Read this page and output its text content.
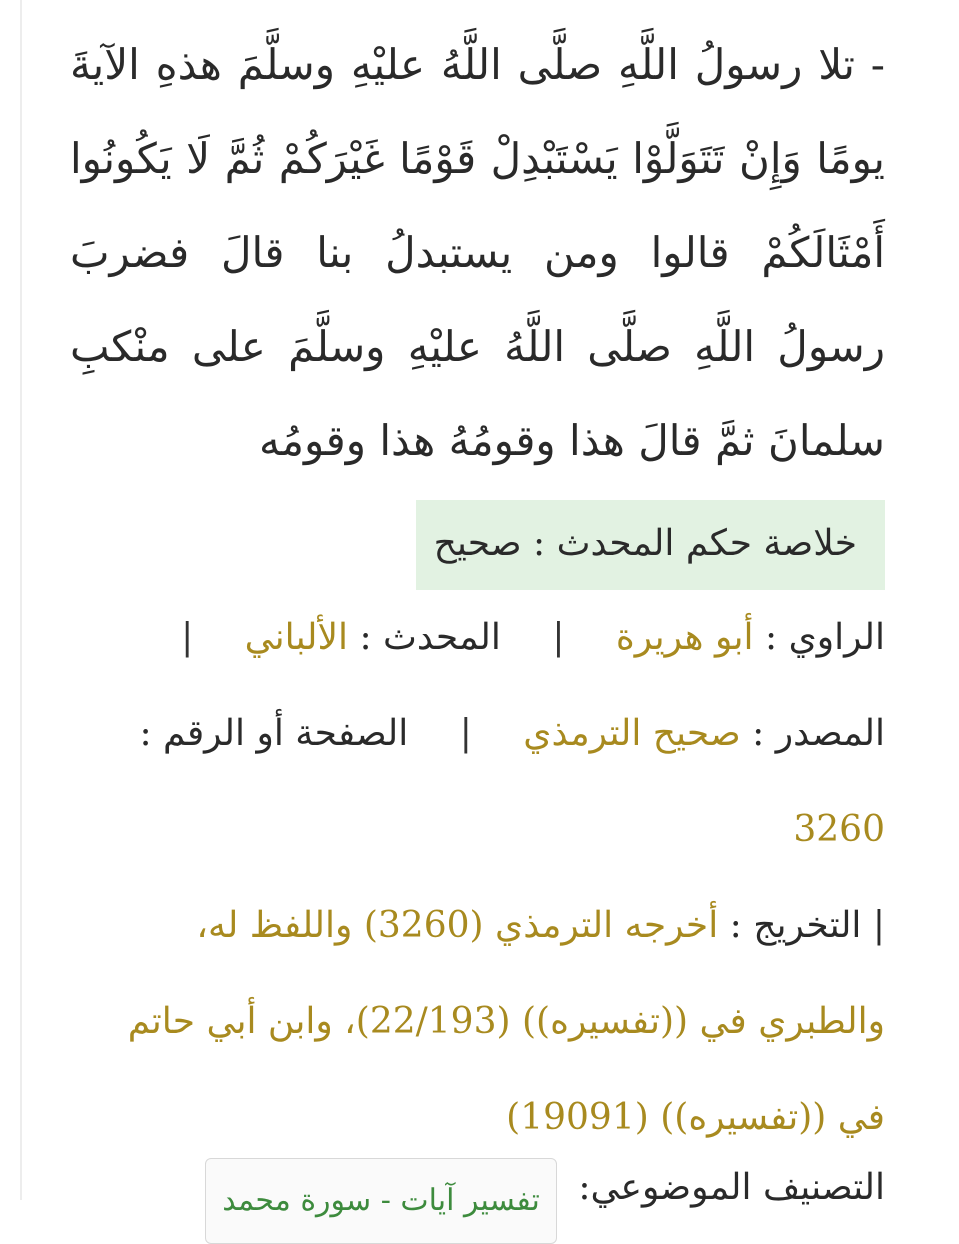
- تلا رسولُ اللَّهِ صلَّى اللَّهُ عليْهِ وسلَّمَ هذهِ الآيةَ يومًا وَإِنْ تَتَوَلَّوْا يَسْتَبْدِلْ قَوْمًا غَيْرَكُمْ ثُمَّ لَا يَكُونُوا أَمْثَالَكُمْ قالوا ومن يستبدلُ بنا قالَ فضربَ رسولُ اللَّهِ صلَّى اللَّهُ عليْهِ وسلَّمَ على منْكبِ سلمانَ ثمَّ قالَ هذا وقومُهُ هذا وقومُه

خلاصة حكم المحدث : صحيح

الراوي : أبو هريرة | المحدث : الألباني |

المصدر : صحيح الترمذي | الصفحة أو الرقم :

3260

| التخريج : أخرجه الترمذي (3260) واللفظ له، والطبري في ((تفسيره)) (22/193)، وابن أبي حاتم في ((تفسيره)) (19091)

التصنيف الموضوعي: تفسير آيات - سورة محمد
